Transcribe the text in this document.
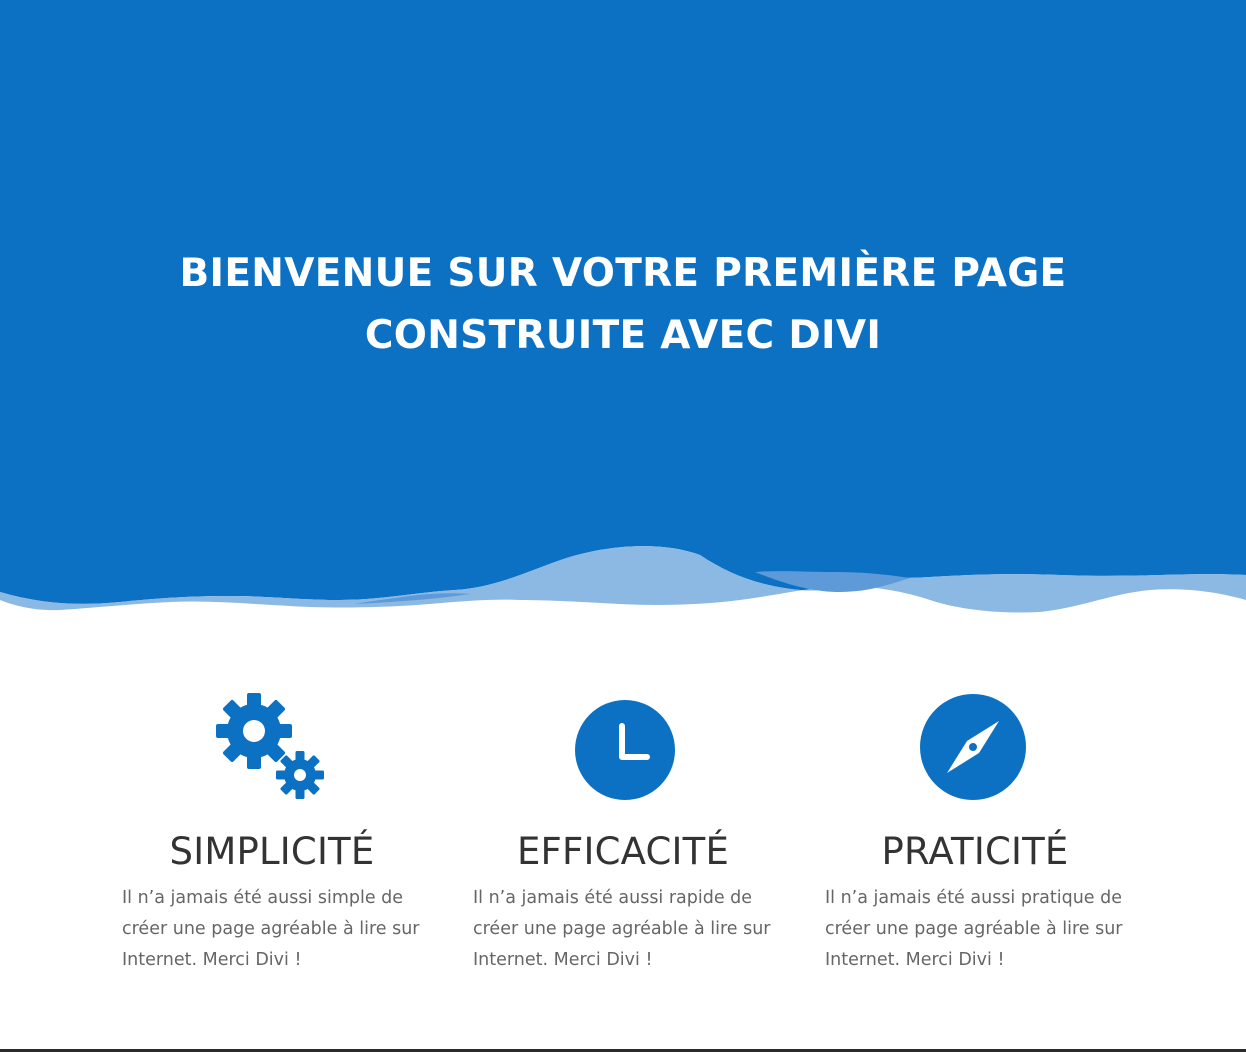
BIENVENUE SUR VOTRE PREMIÈRE PAGE
CONSTRUITE AVEC DIVI
SIMPLICITÉ

Il n’a jamais été aussi simple de créer une page agréable à lire sur Internet. Merci Divi !

EFFICACITÉ

Il n’a jamais été aussi rapide de créer une page agréable à lire sur Internet. Merci Divi !

PRATICITÉ

Il n’a jamais été aussi pratique de créer une page agréable à lire sur Internet. Merci Divi !
